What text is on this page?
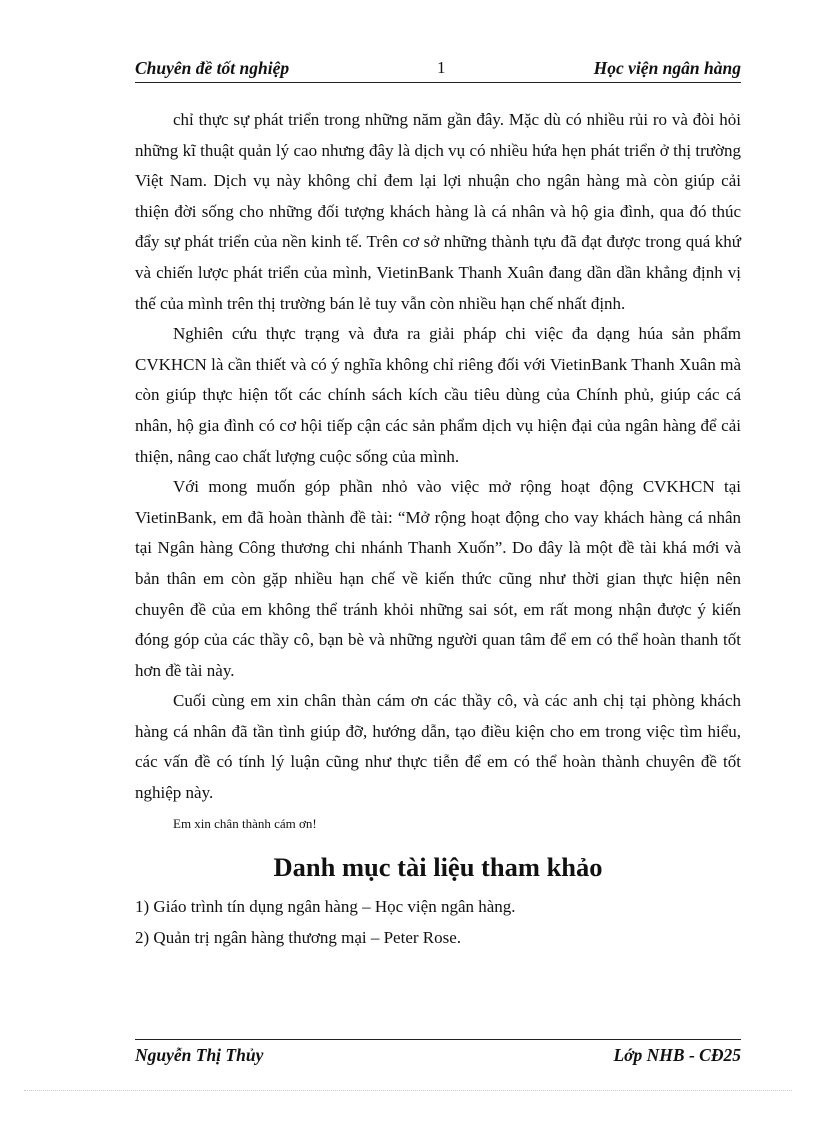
Chuyên đề tốt nghiệp	1	Học viện ngân hàng

chỉ thực sự phát triển trong những năm gần đây. Mặc dù có nhiều rủi ro và đòi hỏi những kĩ thuật quản lý cao nhưng đây là dịch vụ có nhiều hứa hẹn phát triển ở thị trường Việt Nam. Dịch vụ này không chỉ đem lại lợi nhuận cho ngân hàng mà còn giúp cải thiện đời sống cho những đối tượng khách hàng là cá nhân và hộ gia đình, qua đó thúc đẩy sự phát triển của nền kinh tế. Trên cơ sở những thành tựu đã đạt được trong quá khứ và chiến lược phát triển của mình, VietinBank Thanh Xuân đang dần dần khẳng định vị thế của mình trên thị trường bán lẻ tuy vẫn còn nhiều hạn chế nhất định.

Nghiên cứu thực trạng và đưa ra giải pháp chi việc đa dạng húa sản phẩm CVKHCN là cần thiết và có ý nghĩa không chỉ riêng đối với VietinBank Thanh Xuân mà còn giúp thực hiện tốt các chính sách kích cầu tiêu dùng của Chính phủ, giúp các cá nhân, hộ gia đình có cơ hội tiếp cận các sản phẩm dịch vụ hiện đại của ngân hàng để cải thiện, nâng cao chất lượng cuộc sống của mình.

Với mong muốn góp phần nhỏ vào việc mở rộng hoạt động CVKHCN tại VietinBank, em đã hoàn thành đề tài: “Mở rộng hoạt động cho vay khách hàng cá nhân tại Ngân hàng Công thương chi nhánh Thanh Xuốn”. Do đây là một đề tài khá mới và bản thân em còn gặp nhiều hạn chế về kiến thức cũng như thời gian thực hiện nên chuyên đề của em không thể tránh khỏi những sai sót, em rất mong nhận được ý kiến đóng góp của các thầy cô, bạn bè và những người quan tâm để em có thể hoàn thanh tốt hơn đề tài này.

Cuối cùng em xin chân thàn cám ơn các thầy cô, và các anh chị tại phòng khách hàng cá nhân đã tần tình giúp đỡ, hướng dẫn, tạo điều kiện cho em trong việc tìm hiểu, các vấn đề có tính lý luận cũng như thực tiễn để em có thể hoàn thành chuyên đề tốt nghiệp này.

Em xin chân thành cám ơn!

Danh mục tài liệu tham khảo

1) Giáo trình tín dụng ngân hàng – Học viện ngân hàng.

2) Quản trị ngân hàng thương mại – Peter Rose.

Nguyễn Thị Thủy	Lớp NHB - CĐ25
